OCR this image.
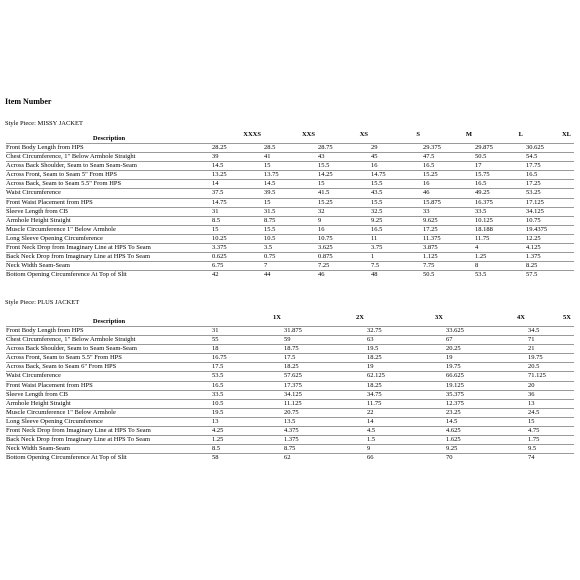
Item Number
Style Piece: MISSY JACKET
Description	XXXS	XXS	XS	S	M	L	XL
Front Body Length from HPS	28.25	28.5	28.75	29	29.375	29.875	30.625
Chest Circumference, 1" Below Armhole Straight	39	41	43	45	47.5	50.5	54.5
Across Back Shoulder, Seam to Seam Seam-Seam	14.5	15	15.5	16	16.5	17	17.75
Across Front, Seam to Seam 5" From HPS	13.25	13.75	14.25	14.75	15.25	15.75	16.5
Across Back, Seam to Seam 5.5" From HPS	14	14.5	15	15.5	16	16.5	17.25
Waist Circumference	37.5	39.5	41.5	43.5	46	49.25	53.25
Front Waist Placement from HPS	14.75	15	15.25	15.5	15.875	16.375	17.125
Sleeve Length from CB	31	31.5	32	32.5	33	33.5	34.125
Armhole Height Straight	8.5	8.75	9	9.25	9.625	10.125	10.75
Muscle Circumference 1" Below Armhole	15	15.5	16	16.5	17.25	18.188	19.4375
Long Sleeve Opening Circumference	10.25	10.5	10.75	11	11.375	11.75	12.25
Front Neck Drop from Imaginary Line at HPS To Seam	3.375	3.5	3.625	3.75	3.875	4	4.125
Back Neck Drop from Imaginary Line at HPS To Seam	0.625	0.75	0.875	1	1.125	1.25	1.375
Neck Width Seam-Seam	6.75	7	7.25	7.5	7.75	8	8.25
Bottom Opening Circumference At Top of Slit	42	44	46	48	50.5	53.5	57.5
Style Piece: PLUS JACKET
Description	1X	2X	3X	4X	5X
Front Body Length from HPS	31	31.875	32.75	33.625	34.5
Chest Circumference, 1" Below Armhole Straight	55	59	63	67	71
Across Back Shoulder, Seam to Seam Seam-Seam	18	18.75	19.5	20.25	21
Across Front, Seam to Seam 5.5" From HPS	16.75	17.5	18.25	19	19.75
Across Back, Seam to Seam 6" From HPS	17.5	18.25	19	19.75	20.5
Waist Circumference	53.5	57.625	62.125	66.625	71.125
Front Waist Placement from HPS	16.5	17.375	18.25	19.125	20
Sleeve Length from CB	33.5	34.125	34.75	35.375	36
Armhole Height Straight	10.5	11.125	11.75	12.375	13
Muscle Circumference 1" Below Armhole	19.5	20.75	22	23.25	24.5
Long Sleeve Opening Circumference	13	13.5	14	14.5	15
Front Neck Drop from Imaginary Line at HPS To Seam	4.25	4.375	4.5	4.625	4.75
Back Neck Drop from Imaginary Line at HPS To Seam	1.25	1.375	1.5	1.625	1.75
Neck Width Seam-Seam	8.5	8.75	9	9.25	9.5
Bottom Opening Circumference At Top of Slit	58	62	66	70	74
